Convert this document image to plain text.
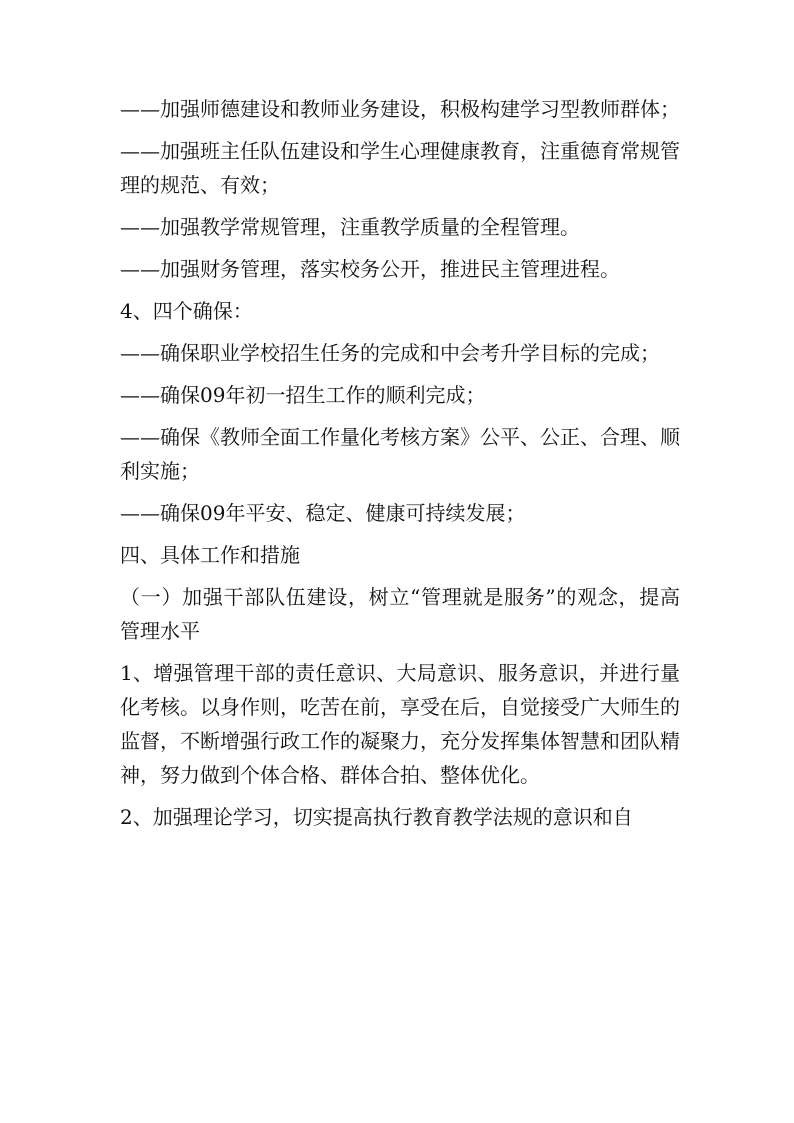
——加强师德建设和教师业务建设，积极构建学习型教师群体；

——加强班主任队伍建设和学生心理健康教育，注重德育常规管理的规范、有效；

——加强教学常规管理，注重教学质量的全程管理。

——加强财务管理，落实校务公开，推进民主管理进程。

4、四个确保：

——确保职业学校招生任务的完成和中会考升学目标的完成；

——确保09年初一招生工作的顺利完成；

——确保《教师全面工作量化考核方案》公平、公正、合理、顺利实施；

——确保09年平安、稳定、健康可持续发展；

四、具体工作和措施

（一）加强干部队伍建设，树立“管理就是服务”的观念，提高管理水平

1、增强管理干部的责任意识、大局意识、服务意识，并进行量化考核。以身作则，吃苦在前，享受在后，自觉接受广大师生的监督，不断增强行政工作的凝聚力，充分发挥集体智慧和团队精神，努力做到个体合格、群体合拍、整体优化。

2、加强理论学习，切实提高执行教育教学法规的意识和自
